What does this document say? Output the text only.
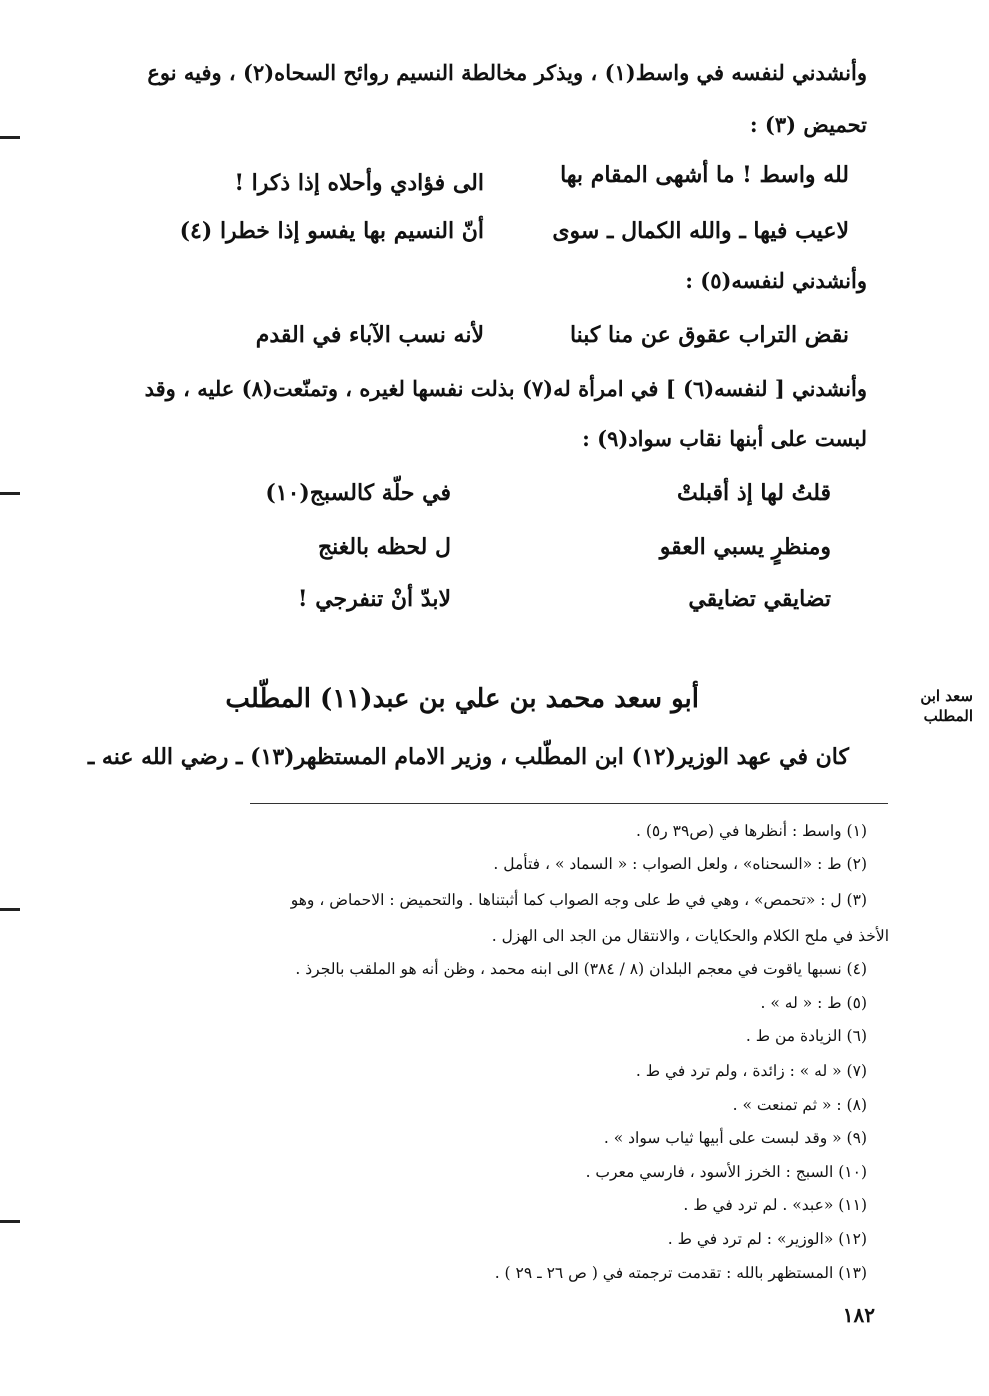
وأنشدني لنفسه في واسط(١) ، ويذكر مخالطة النسيم روائح السحاه(٢) ، وفيه نوع
تحميض (٣) :
لله واسط ! ما أشهى المقام بها
الى فؤادي وأحلاه إذا ذكرا !
لاعيب فيها ـ والله الكمال ـ سوى
أنّ النسيم بها يفسو إذا خطرا (٤)
وأنشدني لنفسه(٥) :
نقض التراب عقوق عن منا كبنا
لأنه نسب الآباء في القدم
وأنشدني [ لنفسه(٦) ] في امرأة له(٧) بذلت نفسها لغيره ، وتمنّعت(٨) عليه ، وقد
لبست على أبنها نقاب سواد(٩) :
قلتُ لها إذ أقبلتْ
في حلّة كالسبج(١٠)
ومنظرٍ يسبي العقو
ل لحظه بالغنج
تضايقي تضايقي
لابدّ أنْ تنفرجي !
أبو سعد محمد بن علي بن عبد(١١) المطّلب	سعد ابن
المطلب
كان في عهد الوزير(١٢) ابن المطّلب ، وزير الامام المستظهر(١٣) ـ رضي الله عنه ـ
(١) واسط : أنظرها في (ص٣٩ ر٥) .
(٢) ط : «السحناه» ، ولعل الصواب : « السماد » ، فتأمل .
(٣) ل : «تحمص» ، وهي في ط على وجه الصواب كما أثبتناها . والتحميض : الاحماض ، وهو
الأخذ في ملح الكلام والحكايات ، والانتقال من الجد الى الهزل .
(٤) نسبها ياقوت في معجم البلدان (٨ / ٣٨٤) الى ابنه محمد ، وظن أنه هو الملقب بالجرذ .
(٥) ط : « له » .
(٦) الزيادة من ط .
(٧) « له » : زائدة ، ولم ترد في ط .
(٨) : « ثم تمنعت » .
(٩) « وقد لبست على أبيها ثياب سواد » .
(١٠) السبج : الخرز الأسود ، فارسي معرب .
(١١) «عبد» . لم ترد في ط .
(١٢) «الوزير» : لم ترد في ط .
(١٣) المستظهر بالله : تقدمت ترجمته في ( ص ٢٦ ـ ٢٩ ) .
١٨٢
